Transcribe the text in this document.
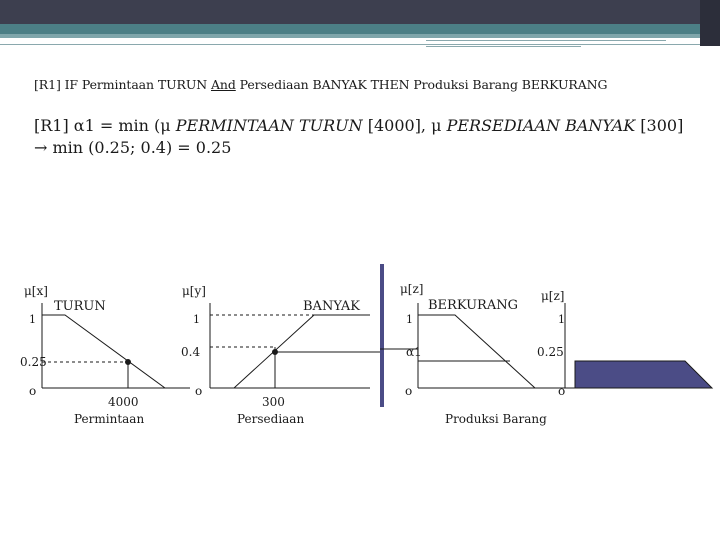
[R1] IF Permintaan TURUN And Persediaan BANYAK THEN Produksi Barang BERKURANG
[R1] α1 = min (μ PERMINTAAN TURUN [4000], μ PERSEDIAAN BANYAK [300]
→ min (0.25; 0.4) = 0.25
μ[x]
TURUN
1
0.25
o
4000
Permintaan
μ[y]
BANYAK
1
0.4
o
300
Persediaan
μ[z]
BERKURANG
1
α1
o
Produksi Barang
μ[z]
1
0.25
o
